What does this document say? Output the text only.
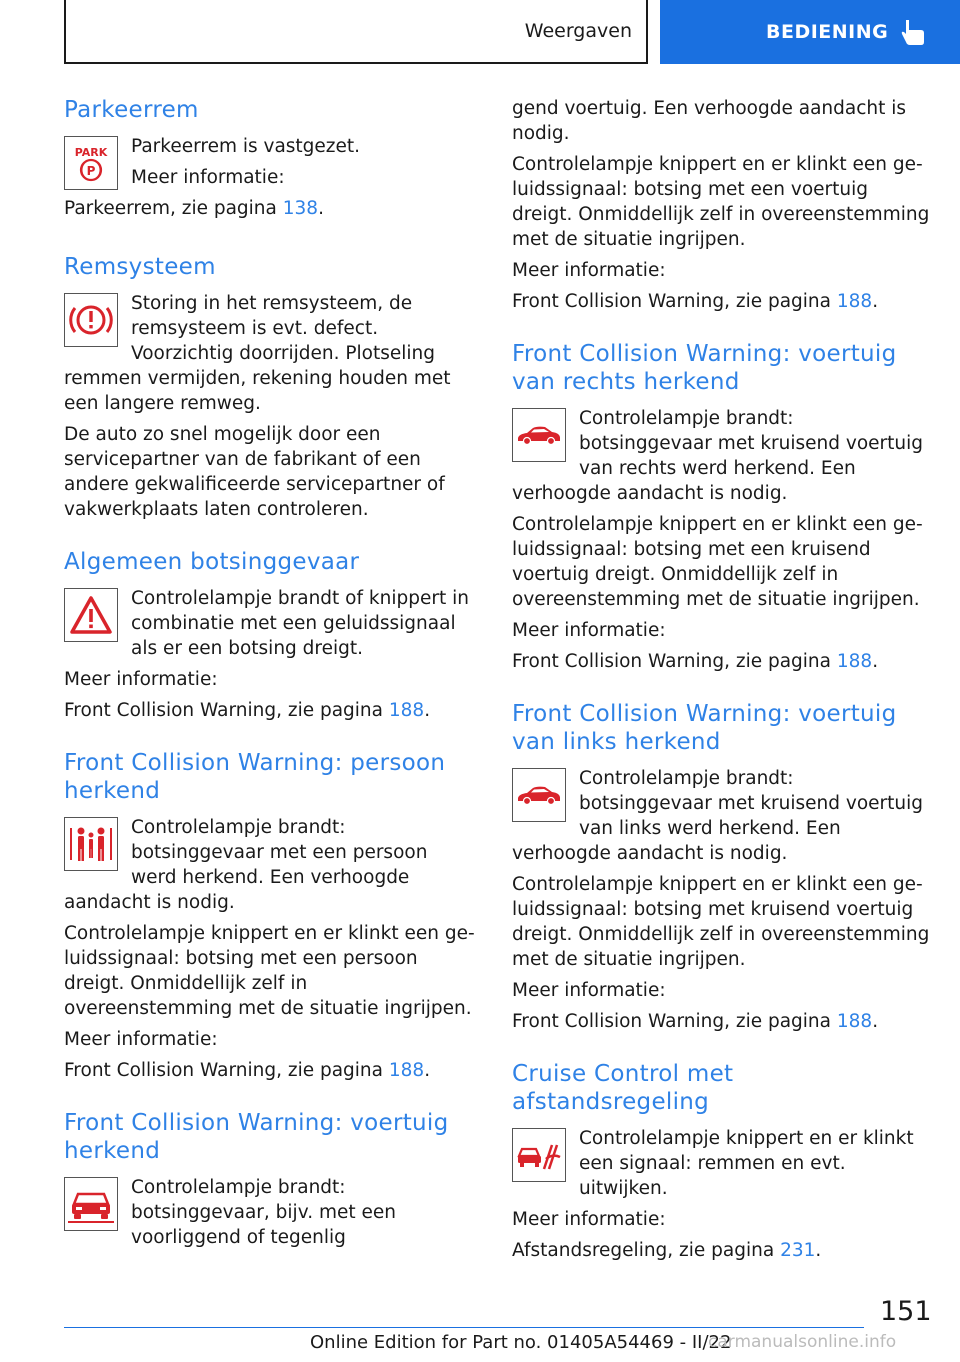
Weergaven	BEDIENING
Parkeerrem
PARK
P

Parkeerrem is vastgezet.

Meer informatie:

Parkeerrem, zie pagina 138.

Remsysteem

Storing in het remsysteem, de remsysteem is evt. defect. Voorzichtig doorrijden. Plotseling remmen vermijden, rekening houden met een langere remweg.

De auto zo snel mogelijk door een servicepartner van de fabrikant of een andere gekwalificeerde servicepartner of vakwerkplaats laten controleren.

Algemeen botsinggevaar

Controlelampje brandt of knippert in combinatie met een geluidssignaal als er een botsing dreigt.

Meer informatie:

Front Collision Warning, zie pagina 188.

Front Collision Warning: persoon herkend

Controlelampje brandt: botsinggevaar met een persoon werd herkend. Een verhoogde aandacht is nodig.

Controlelampje knippert en er klinkt een geluidssignaal: botsing met een persoon dreigt. Onmiddellijk zelf in overeenstemming met de situatie ingrijpen.

Meer informatie:

Front Collision Warning, zie pagina 188.

Front Collision Warning: voertuig herkend

Controlelampje brandt: botsinggevaar, bijv. met een voorliggend of tegenlig

gend voertuig. Een verhoogde aandacht is nodig.

Controlelampje knippert en er klinkt een geluidssignaal: botsing met een voertuig dreigt. Onmiddellijk zelf in overeenstemming met de situatie ingrijpen.

Meer informatie:

Front Collision Warning, zie pagina 188.

Front Collision Warning: voertuig van rechts herkend

Controlelampje brandt: botsinggevaar met kruisend voertuig van rechts werd herkend. Een verhoogde aandacht is nodig.

Controlelampje knippert en er klinkt een geluidssignaal: botsing met een kruisend voertuig dreigt. Onmiddellijk zelf in overeenstemming met de situatie ingrijpen.

Meer informatie:

Front Collision Warning, zie pagina 188.

Front Collision Warning: voertuig van links herkend

Controlelampje brandt: botsinggevaar met kruisend voertuig van links werd herkend. Een verhoogde aandacht is nodig.

Controlelampje knippert en er klinkt een geluidssignaal: botsing met kruisend voertuig dreigt. Onmiddellijk zelf in overeenstemming met de situatie ingrijpen.

Meer informatie:

Front Collision Warning, zie pagina 188.

Cruise Control met afstandsregeling

Controlelampje knippert en er klinkt een signaal: remmen en evt. uitwijken.

Meer informatie:

Afstandsregeling, zie pagina 231.

151
Online Edition for Part no. 01405A54469 - II/22
carmanualsonline.info
